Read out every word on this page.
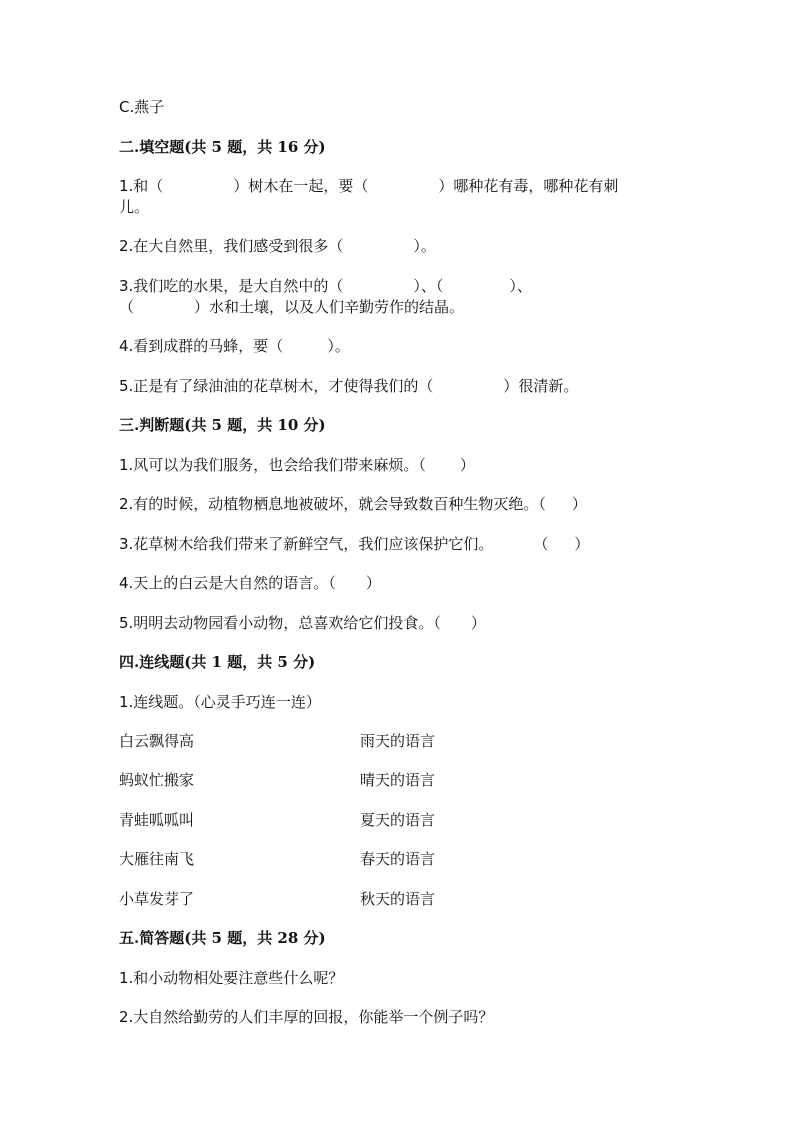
C.燕子
二.填空题(共 5 题，共 16 分)
1.和（	）树木在一起，要（	）哪种花有毒，哪种花有刺
儿。
2.在大自然里，我们感受到很多（	）。
3.我们吃的水果，是大自然中的（	）、（	）、
（	）水和土壤，以及人们辛勤劳作的结晶。
4.看到成群的马蜂，要（	）。
5.正是有了绿油油的花草树木，才使得我们的（	）很清新。
三.判断题(共 5 题，共 10 分)
1.风可以为我们服务，也会给我们带来麻烦。（ ）
2.有的时候，动植物栖息地被破坏，就会导致数百种生物灭绝。（ ）
3.花草树木给我们带来了新鲜空气，我们应该保护它们。	（ ）
4.天上的白云是大自然的语言。（ ）
5.明明去动物园看小动物，总喜欢给它们投食。（ ）
四.连线题(共 1 题，共 5 分)
1.连线题。（心灵手巧连一连）
白云飘得高	雨天的语言
蚂蚁忙搬家	晴天的语言
青蛙呱呱叫	夏天的语言
大雁往南飞	春天的语言
小草发芽了	秋天的语言
五.简答题(共 5 题，共 28 分)
1.和小动物相处要注意些什么呢？
2.大自然给勤劳的人们丰厚的回报，你能举一个例子吗？
